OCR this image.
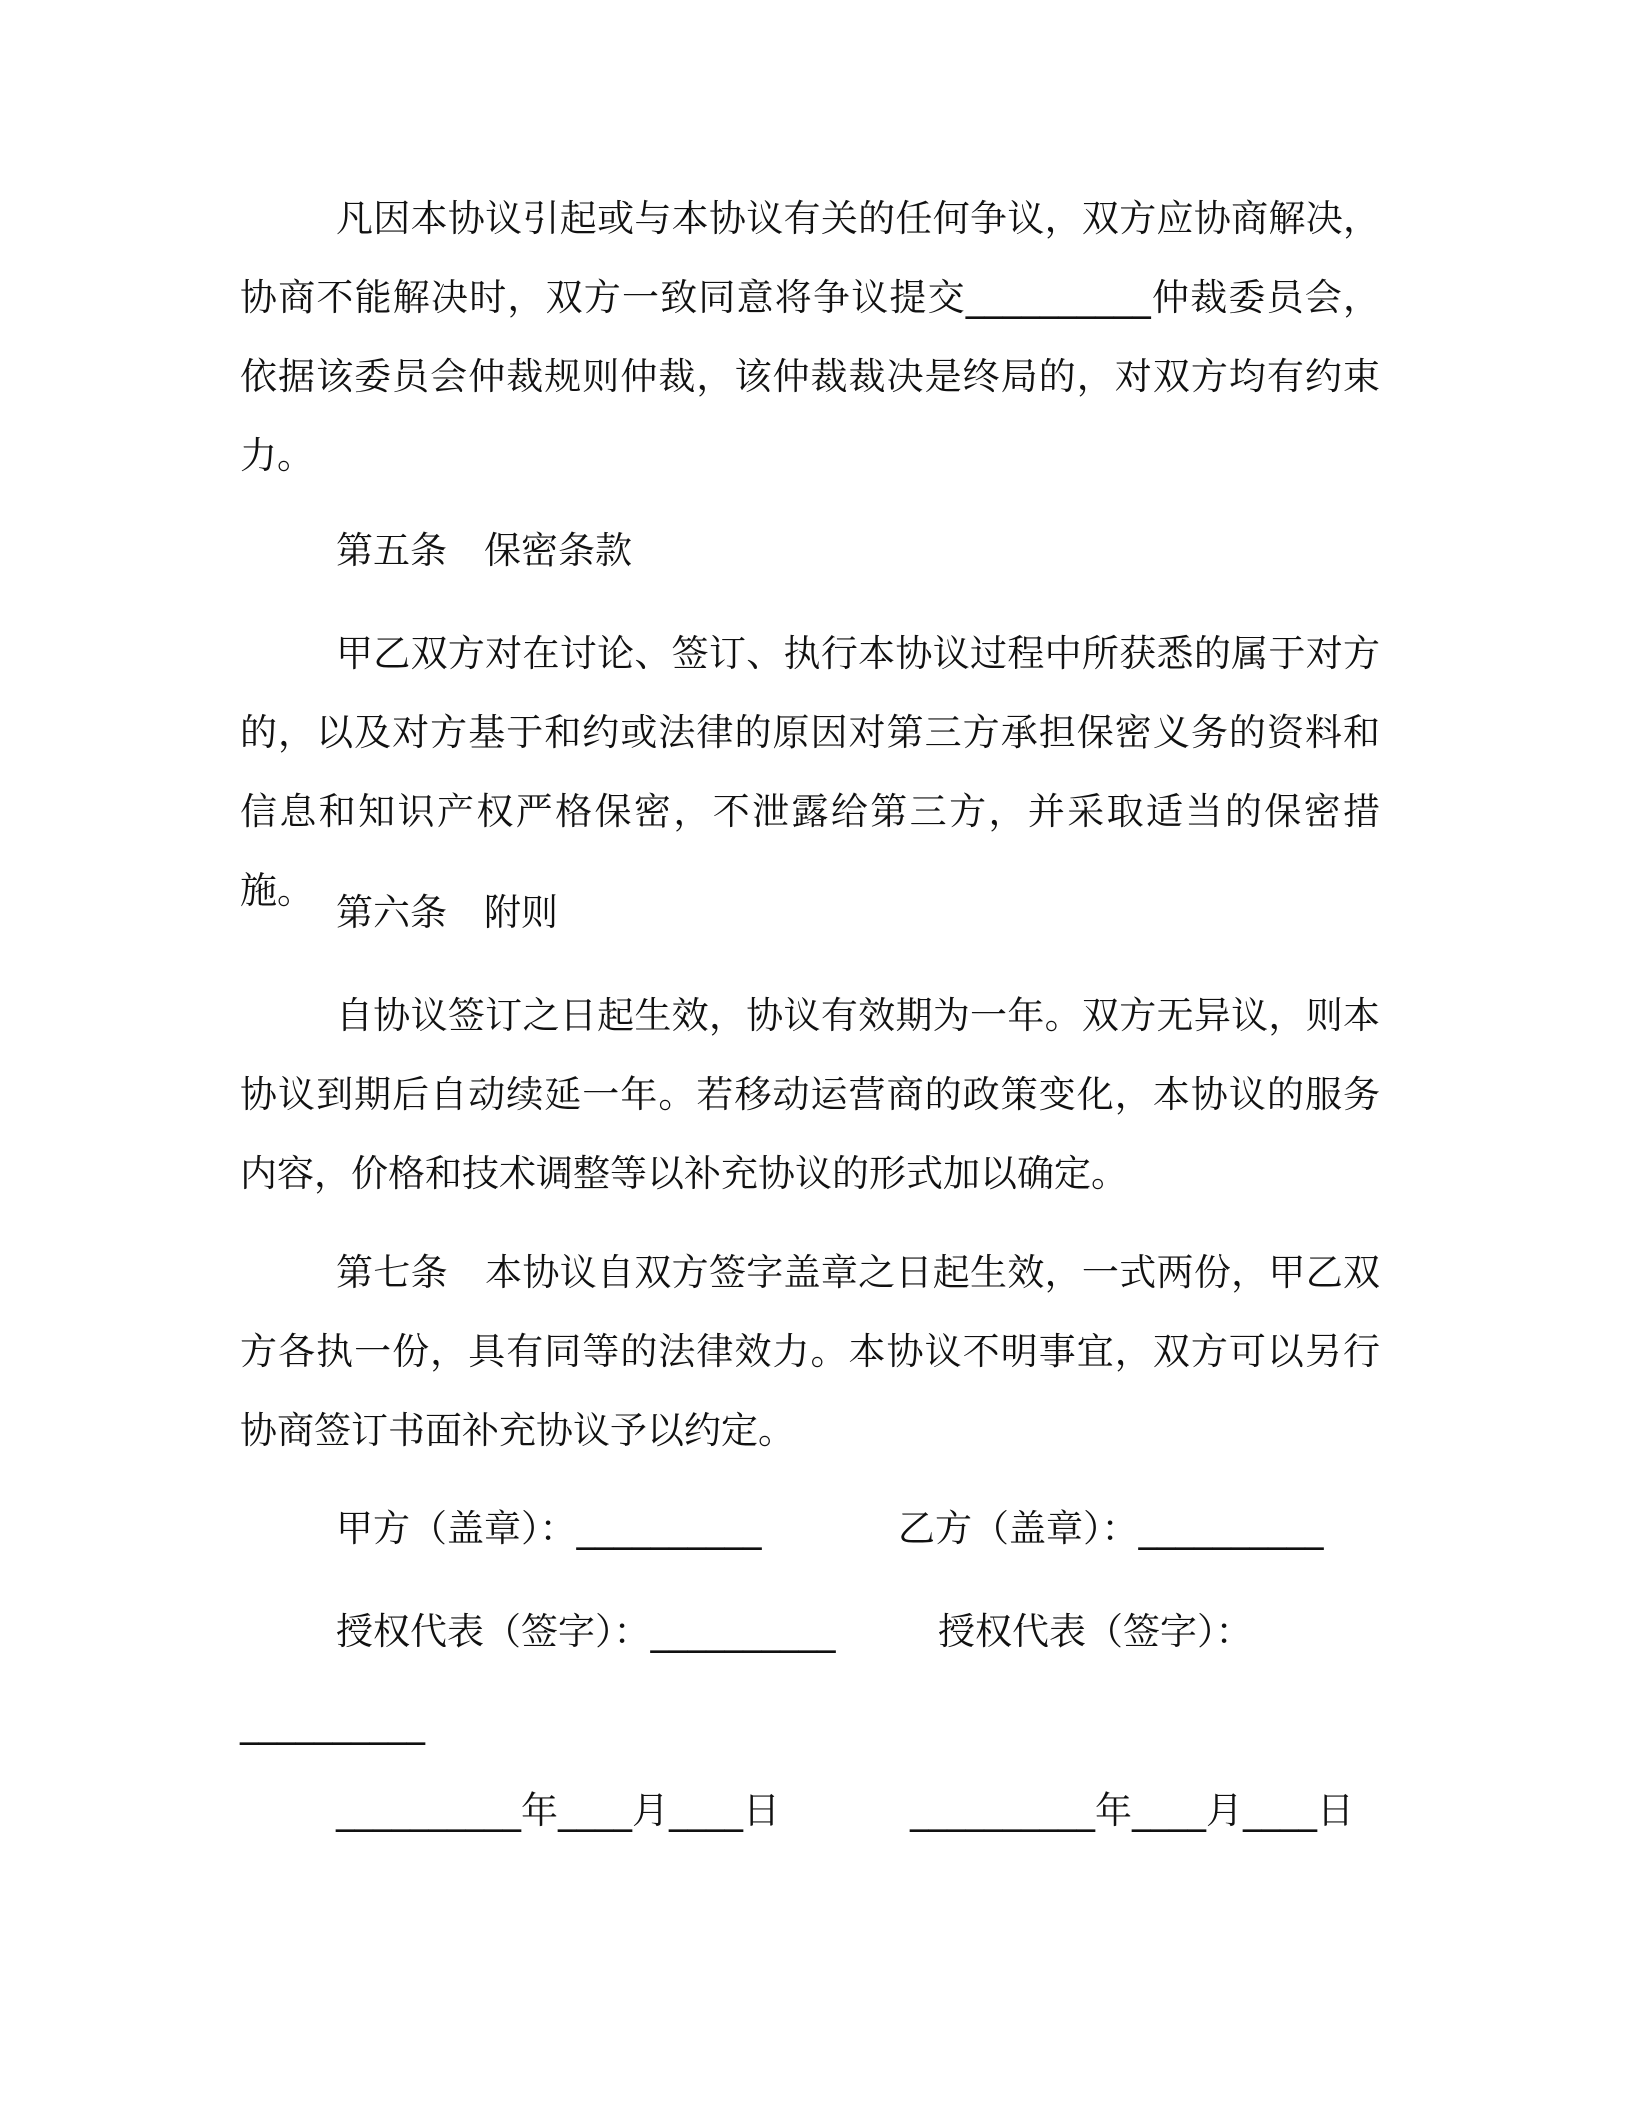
凡因本协议引起或与本协议有关的任何争议，双方应协商解决，协商不能解决时，双方一致同意将争议提交__________仲裁委员会，依据该委员会仲裁规则仲裁，该仲裁裁决是终局的，对双方均有约束力。

第五条　保密条款

甲乙双方对在讨论、签订、执行本协议过程中所获悉的属于对方的，以及对方基于和约或法律的原因对第三方承担保密义务的资料和信息和知识产权严格保密，不泄露给第三方，并采取适当的保密措施。

第六条　附则

自协议签订之日起生效，协议有效期为一年。双方无异议，则本协议到期后自动续延一年。若移动运营商的政策变化，本协议的服务内容，价格和技术调整等以补充协议的形式加以确定。

第七条　本协议自双方签字盖章之日起生效，一式两份，甲乙双方各执一份，具有同等的法律效力。本协议不明事宜，双方可以另行协商签订书面补充协议予以约定。

甲方（盖章）：__________	乙方（盖章）：__________

授权代表（签字）：__________	授权代表（签字）：

__________

__________年____月____日	__________年____月____日
